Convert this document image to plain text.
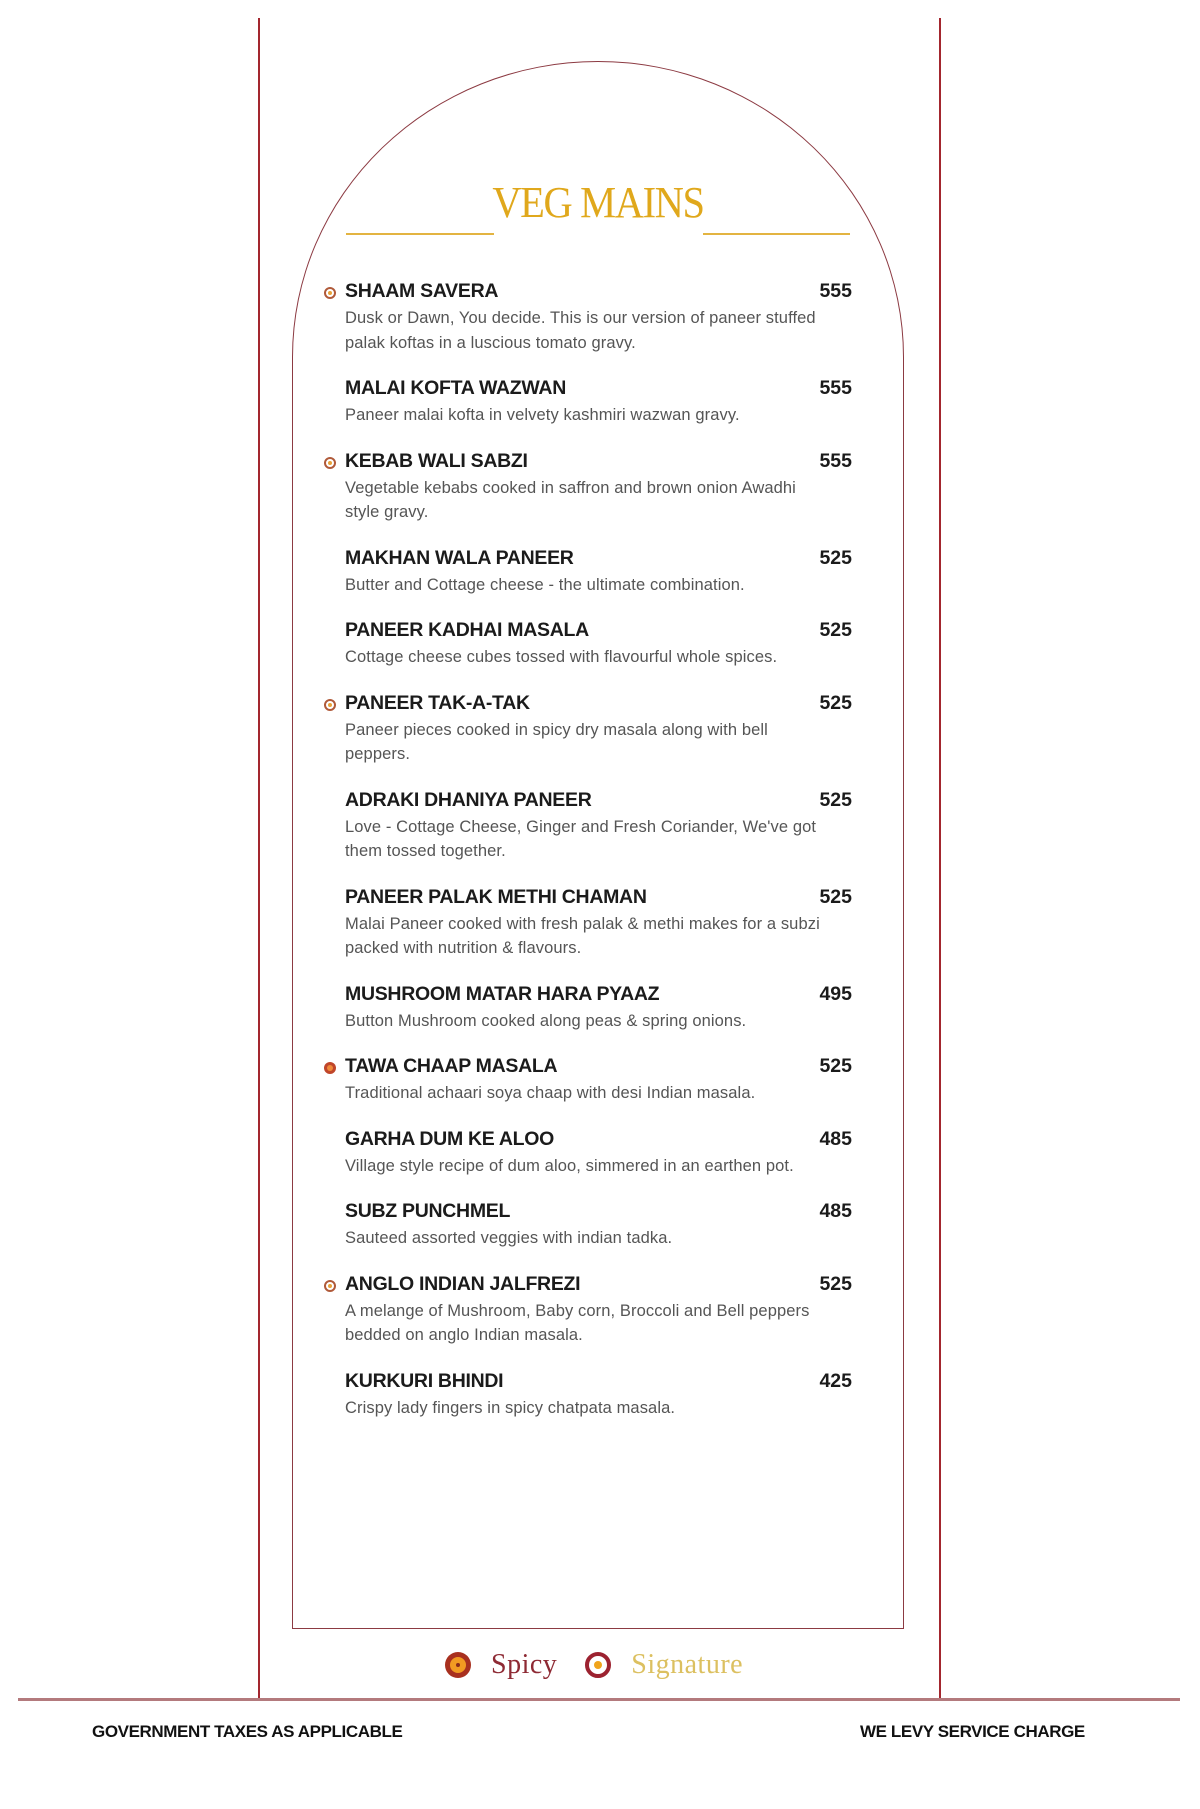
VEG MAINS
SHAAM SAVERA	555
Dusk or Dawn, You decide. This is our version of paneer stuffed palak koftas in a luscious tomato gravy.
MALAI KOFTA WAZWAN	555
Paneer malai kofta in velvety kashmiri wazwan gravy.
KEBAB WALI SABZI	555
Vegetable kebabs cooked in saffron and brown onion Awadhi style gravy.
MAKHAN WALA PANEER	525
Butter and Cottage cheese - the ultimate combination.
PANEER KADHAI MASALA	525
Cottage cheese cubes tossed with flavourful whole spices.
PANEER TAK-A-TAK	525
Paneer pieces cooked in spicy dry masala along with bell peppers.
ADRAKI DHANIYA PANEER	525
Love - Cottage Cheese, Ginger and Fresh Coriander, We've got them tossed together.
PANEER PALAK METHI CHAMAN	525
Malai Paneer cooked with fresh palak & methi makes for a subzi packed with nutrition & flavours.
MUSHROOM MATAR HARA PYAAZ	495
Button Mushroom cooked along peas & spring onions.
TAWA CHAAP MASALA	525
Traditional achaari soya chaap with desi Indian masala.
GARHA DUM KE ALOO	485
Village style recipe of dum aloo, simmered in an earthen pot.
SUBZ PUNCHMEL	485
Sauteed assorted veggies with indian tadka.
ANGLO INDIAN JALFREZI	525
A melange of Mushroom, Baby corn, Broccoli and Bell peppers bedded on anglo Indian masala.
KURKURI BHINDI	425
Crispy lady fingers in spicy chatpata masala.
Spicy	Signature
GOVERNMENT TAXES AS APPLICABLE	WE LEVY SERVICE CHARGE
